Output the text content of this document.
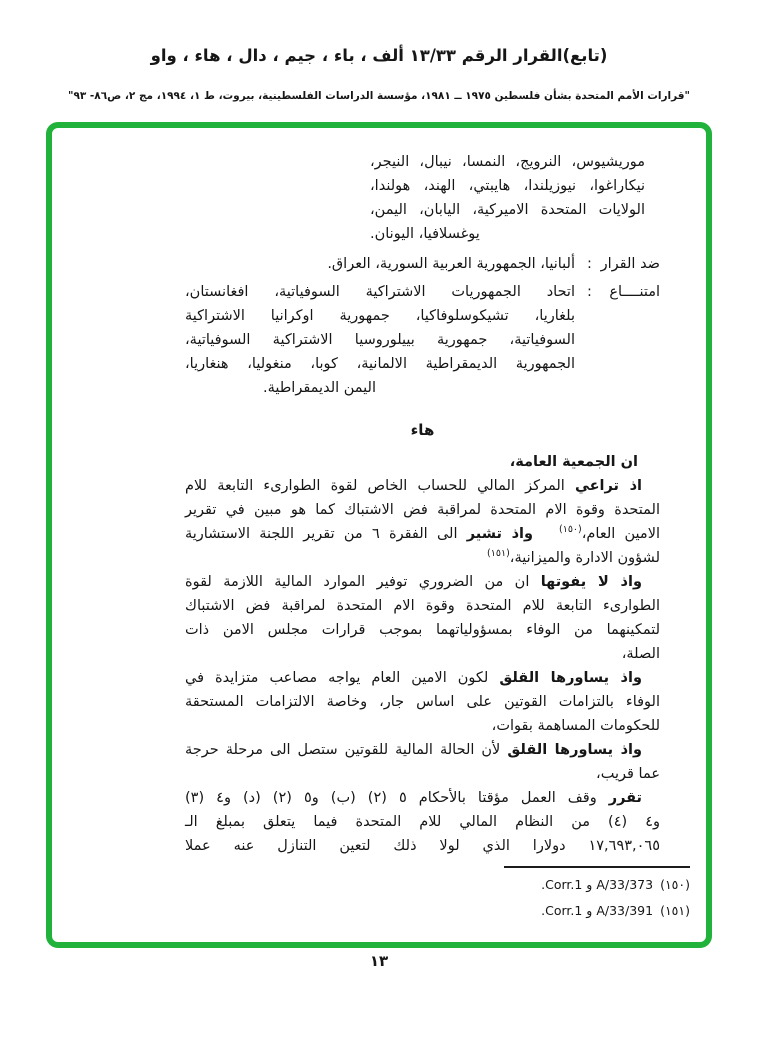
(تابع)القرار الرقم ١٣/٣٣ ألف ، باء ، جيم ، دال ، هاء ، واو
"قرارات الأمم المتحدة بشأن فلسطين ١٩٧٥ ــ ١٩٨١، مؤسسة الدراسات الفلسطينية، بيروت، ط ١، ١٩٩٤، مج ٢، ص٨٦- ٩٣"
موريشيوس، النرويج، النمسا، نيبال، النيجر،
نيكاراغوا، نيوزيلندا، هايبتي، الهند، هولندا،
الولايات المتحدة الاميركية، اليابان، اليمن،
يوغسلافيا، اليونان.
ضد القرار
:
ألبانيا، الجمهورية العربية السورية، العراق.
امتنــــاع
:
اتحاد الجمهوريات الاشتراكية السوفياتية، افغانستان،
بلغاريا، تشيكوسلوفاكيا، جمهورية اوكرانيا الاشتراكية
السوفياتية، جمهورية بييلوروسيا الاشتراكية السوفياتية،
الجمهورية الديمقراطية الالمانية، كوبا، منغوليا، هنغاريا،
اليمن الديمقراطية.
هاء
ان الجمعية العامة،
اذ تراعي المركز المالي للحساب الخاص لقوة الطوارىء التابعة للام
المتحدة وقوة الام المتحدة لمراقبة فض الاشتباك كما هو مبين في تقرير
الامين العام،$^{(١٥٠)}$واذ تشير الى الفقرة ٦ من تقرير اللجنة الاستشارية
لشؤون الادارة والميزانية،$^{(١٥١)}$
واذ لا يفوتها ان من الضروري توفير الموارد المالية اللازمة لقوة
الطوارىء التابعة للام المتحدة وقوة الام المتحدة لمراقبة فض الاشتباك
لتمكينهما من الوفاء بمسؤولياتهما بموجب قرارات مجلس الامن ذات
الصلة،
واذ يساورها القلق لكون الامين العام يواجه مصاعب متزايدة في
الوفاء بالتزامات القوتين على اساس جار، وخاصة الالتزامات المستحقة
للحكومات المساهمة بقوات،
واذ يساورها القلق لأن الحالة المالية للقوتين ستصل الى مرحلة حرجة
عما قريب،
تقرر وقف العمل مؤقتا بالأحكام ٥ (٢) (ب) و٥ (٢) (د) و٤ (٣)
و٤ (٤) من النظام المالي للام المتحدة فيما يتعلق بمبلغ الـ
١٧,٦٩٣,٠٦٥ دولارا الذي لولا ذلك لتعين التنازل عنه عملا
(١٥٠)A/33/373 و Corr.1.
(١٥١)A/33/391 و Corr.1.
١٣
